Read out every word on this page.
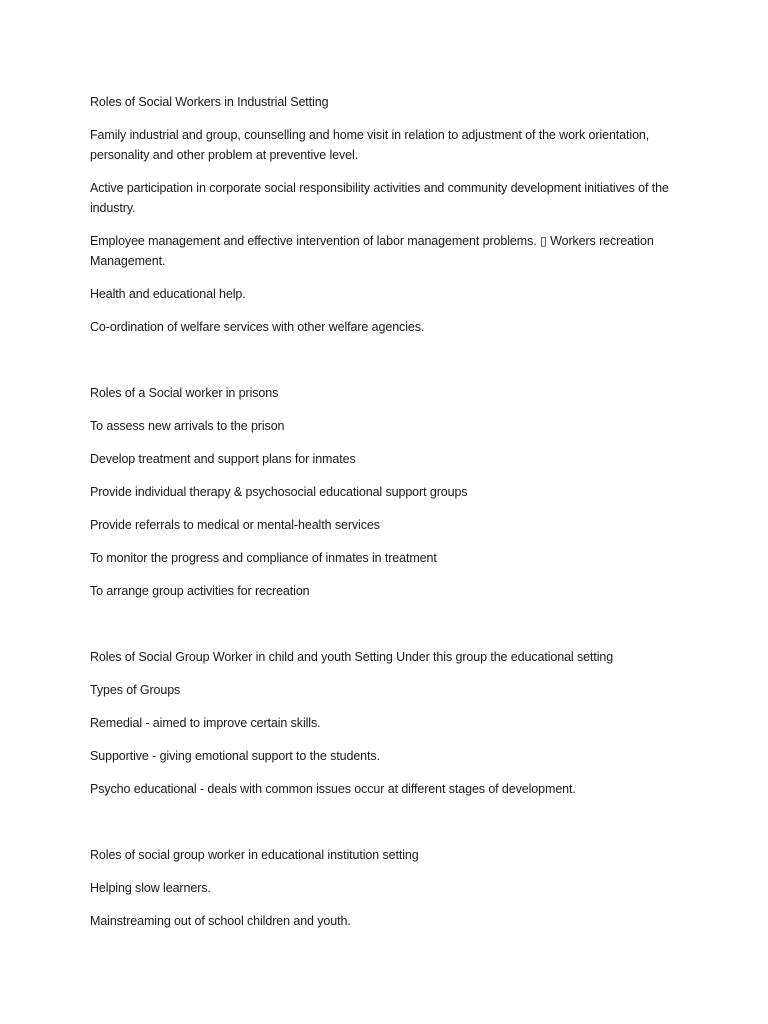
Roles of Social Workers in Industrial Setting

Family industrial and group, counselling and home visit in relation to adjustment of the work orientation, personality and other problem at preventive level.

Active participation in corporate social responsibility activities and community development initiatives of the industry.

Employee management and effective intervention of labor management problems. ▯ Workers recreation Management.

Health and educational help.

Co-ordination of welfare services with other welfare agencies.

Roles of a Social worker in prisons

To assess new arrivals to the prison

Develop treatment and support plans for inmates

Provide individual therapy & psychosocial educational support groups

Provide referrals to medical or mental-health services

To monitor the progress and compliance of inmates in treatment

To arrange group activities for recreation

Roles of Social Group Worker in child and youth Setting Under this group the educational setting

Types of Groups

Remedial - aimed to improve certain skills.

Supportive - giving emotional support to the students.

Psycho educational - deals with common issues occur at different stages of development.

Roles of social group worker in educational institution setting

Helping slow learners.

Mainstreaming out of school children and youth.
